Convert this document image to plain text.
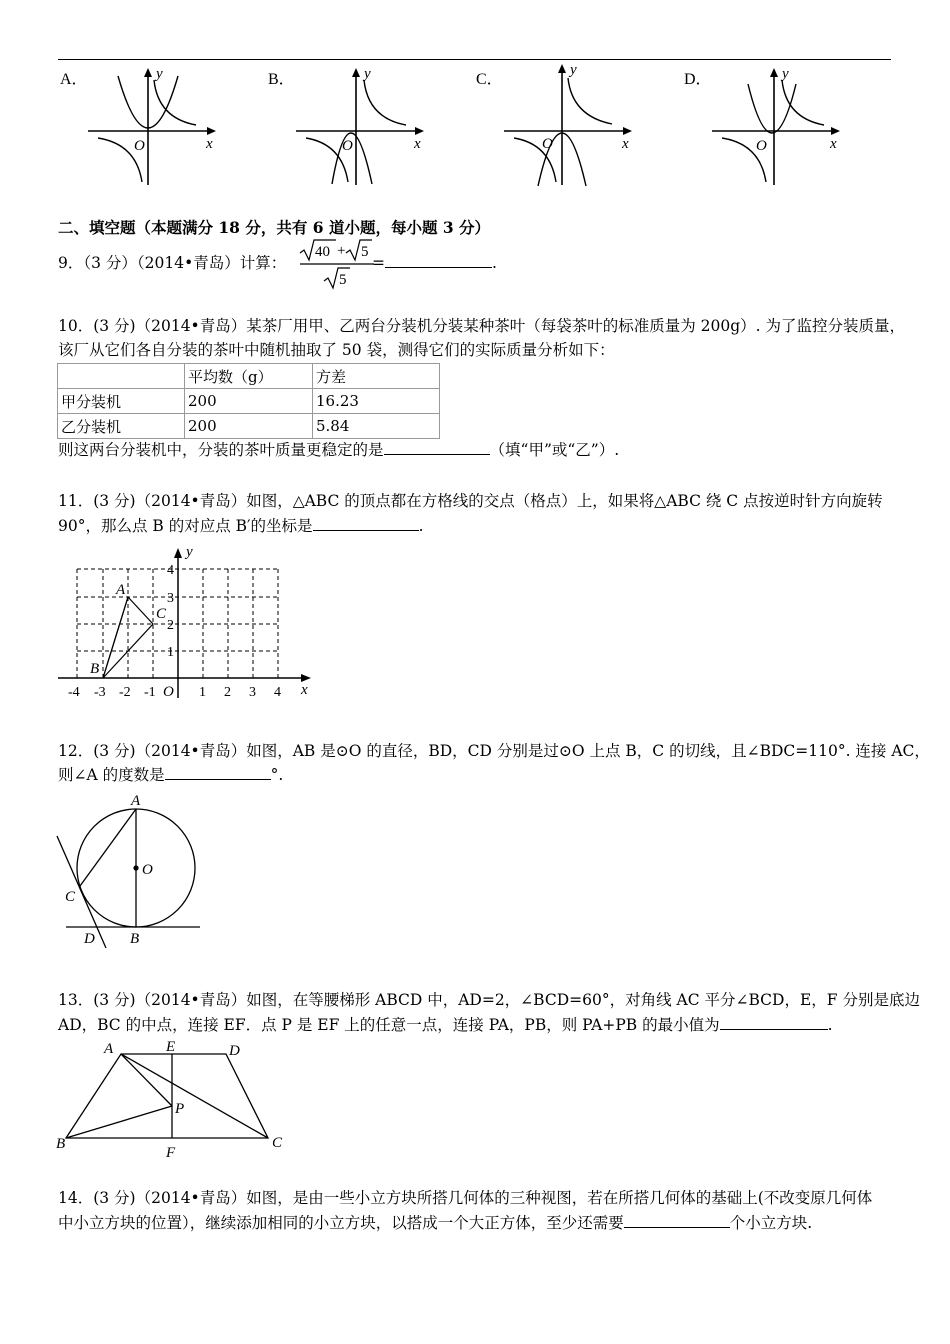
A．	B．	C．	D．
y
x
O
y
x
O
y
x
O
y
x
O
二、填空题（本题满分 18 分，共有 6 道小题，每小题 3 分）
9．（3 分）（2014•青岛）计算：
40 + 5
5
=	.
10．(3 分)（2014•青岛）某茶厂用甲、乙两台分装机分装某种茶叶（每袋茶叶的标准质量为 200g）. 为了监控分装质量，
该厂从它们各自分装的茶叶中随机抽取了 50 袋，测得它们的实际质量分析如下：
	平均数（g）	方差
甲分装机	200	16.23
乙分装机	200	5.84
则这两台分装机中，分装的茶叶质量更稳定的是	（填“甲”或“乙”）.
11．(3 分)（2014•青岛）如图，△ABC 的顶点都在方格线的交点（格点）上，如果将△ABC 绕 C 点按逆时针方向旋转
90°，那么点 B 的对应点 B′的坐标是	.
A
C
B
-4 -3 -2 -1	1 2 3 4
1
2
3
4
O	x
y
12．(3 分)（2014•青岛）如图，AB 是⊙O 的直径，BD，CD 分别是过⊙O 上点 B，C 的切线，且∠BDC=110°. 连接 AC，
则∠A 的度数是	°.
A
O
C
D B
13．(3 分)（2014•青岛）如图，在等腰梯形 ABCD 中，AD=2，∠BCD=60°，对角线 AC 平分∠BCD，E，F 分别是底边
AD，BC 的中点，连接 EF．点 P 是 EF 上的任意一点，连接 PA，PB，则 PA+PB 的最小值为	.
A	E	D
P
B
F
C
14．(3 分)（2014•青岛）如图，是由一些小立方块所搭几何体的三种视图，若在所搭几何体的基础上(不改变原几何体
中小立方块的位置），继续添加相同的小立方块，以搭成一个大正方体，至少还需要	个小立方块.
